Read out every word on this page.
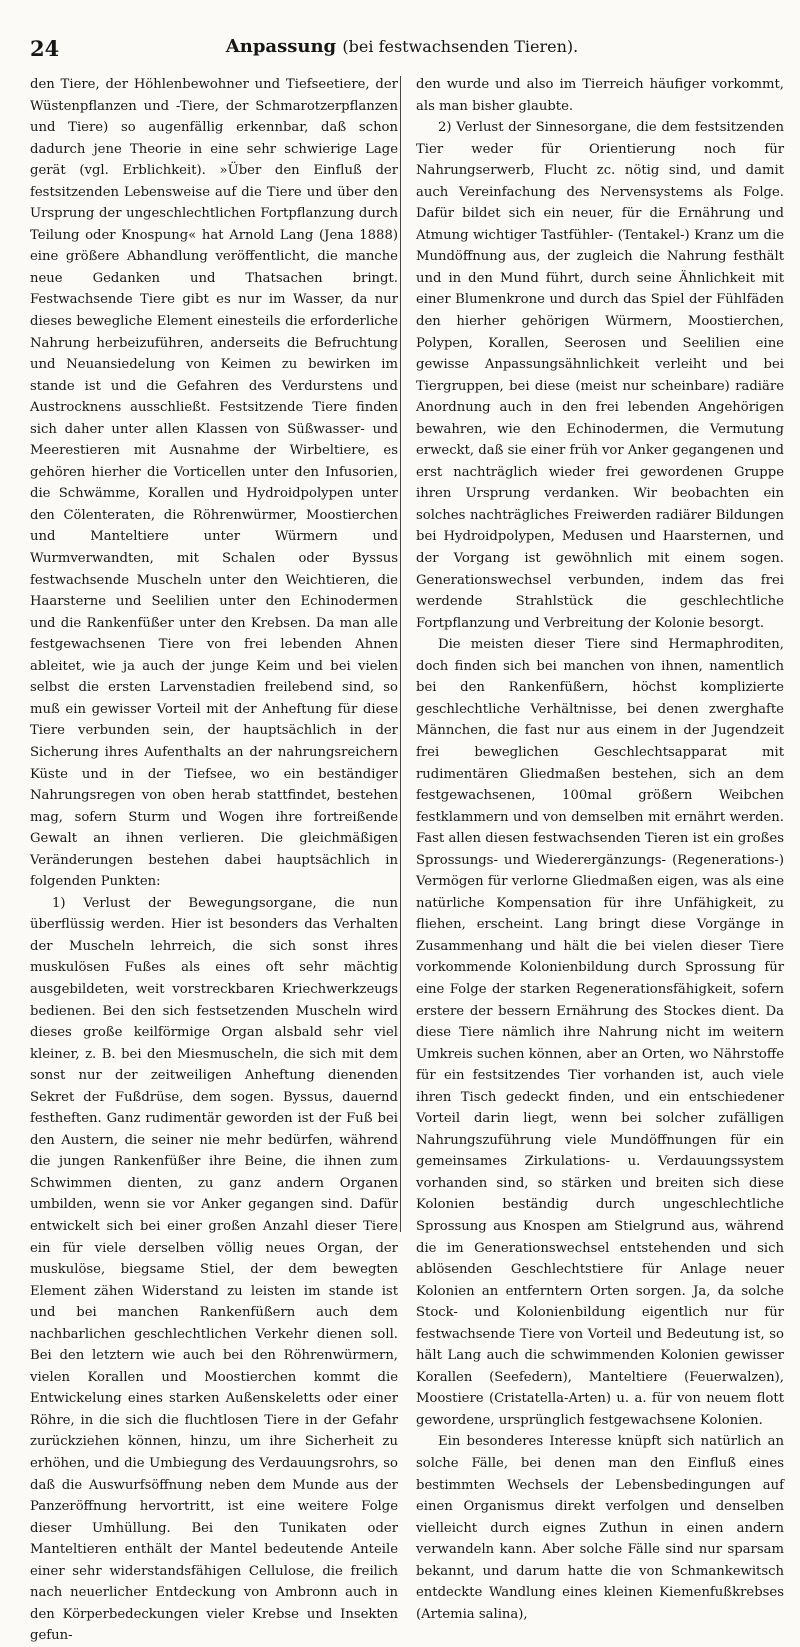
24	Anpassung (bei festwachsenden Tieren).

den Tiere, der Höhlenbewohner und Tiefseetiere, der Wüstenpflanzen und -Tiere, der Schmarotzerpflanzen und Tiere) so augenfällig erkennbar, daß schon dadurch jene Theorie in eine sehr schwierige Lage gerät (vgl. Erblichkeit). »Über den Einfluß der festsitzenden Lebensweise auf die Tiere und über den Ursprung der ungeschlechtlichen Fortpflanzung durch Teilung oder Knospung« hat Arnold Lang (Jena 1888) eine größere Abhandlung veröffentlicht, die manche neue Gedanken und Thatsachen bringt. Festwachsende Tiere gibt es nur im Wasser, da nur dieses bewegliche Element einesteils die erforderliche Nahrung herbeizuführen, anderseits die Befruchtung und Neuansiedelung von Keimen zu bewirken im stande ist und die Gefahren des Verdurstens und Austrocknens ausschließt. Festsitzende Tiere finden sich daher unter allen Klassen von Süßwasser- und Meerestieren mit Ausnahme der Wirbeltiere, es gehören hierher die Vorticellen unter den Infusorien, die Schwämme, Korallen und Hydroidpolypen unter den Cölenteraten, die Röhrenwürmer, Moostierchen und Manteltiere unter Würmern und Wurmverwandten, mit Schalen oder Byssus festwachsende Muscheln unter den Weichtieren, die Haarsterne und Seelilien unter den Echinodermen und die Rankenfüßer unter den Krebsen. Da man alle festgewachsenen Tiere von frei lebenden Ahnen ableitet, wie ja auch der junge Keim und bei vielen selbst die ersten Larvenstadien freilebend sind, so muß ein gewisser Vorteil mit der Anheftung für diese Tiere verbunden sein, der hauptsächlich in der Sicherung ihres Aufenthalts an der nahrungsreichern Küste und in der Tiefsee, wo ein beständiger Nahrungsregen von oben herab stattfindet, bestehen mag, sofern Sturm und Wogen ihre fortreißende Gewalt an ihnen verlieren. Die gleichmäßigen Veränderungen bestehen dabei hauptsächlich in folgenden Punkten:

1) Verlust der Bewegungsorgane, die nun überflüssig werden. Hier ist besonders das Verhalten der Muscheln lehrreich, die sich sonst ihres muskulösen Fußes als eines oft sehr mächtig ausgebildeten, weit vorstreckbaren Kriechwerkzeugs bedienen. Bei den sich festsetzenden Muscheln wird dieses große keilförmige Organ alsbald sehr viel kleiner, z. B. bei den Miesmuscheln, die sich mit dem sonst nur der zeitweiligen Anheftung dienenden Sekret der Fußdrüse, dem sogen. Byssus, dauernd festheften. Ganz rudimentär geworden ist der Fuß bei den Austern, die seiner nie mehr bedürfen, während die jungen Rankenfüßer ihre Beine, die ihnen zum Schwimmen dienten, zu ganz andern Organen umbilden, wenn sie vor Anker gegangen sind. Dafür entwickelt sich bei einer großen Anzahl dieser Tiere ein für viele derselben völlig neues Organ, der muskulöse, biegsame Stiel, der dem bewegten Element zähen Widerstand zu leisten im stande ist und bei manchen Rankenfüßern auch dem nachbarlichen geschlechtlichen Verkehr dienen soll. Bei den letztern wie auch bei den Röhrenwürmern, vielen Korallen und Moostierchen kommt die Entwickelung eines starken Außenskeletts oder einer Röhre, in die sich die fluchtlosen Tiere in der Gefahr zurückziehen können, hinzu, um ihre Sicherheit zu erhöhen, und die Umbiegung des Verdauungsrohrs, so daß die Auswurfsöffnung neben dem Munde aus der Panzeröffnung hervortritt, ist eine weitere Folge dieser Umhüllung. Bei den Tunikaten oder Manteltieren enthält der Mantel bedeutende Anteile einer sehr widerstandsfähigen Cellulose, die freilich nach neuerlicher Entdeckung von Ambronn auch in den Körperbedeckungen vieler Krebse und Insekten gefun-

den wurde und also im Tierreich häufiger vorkommt, als man bisher glaubte.

2) Verlust der Sinnesorgane, die dem festsitzenden Tier weder für Orientierung noch für Nahrungserwerb, Flucht zc. nötig sind, und damit auch Vereinfachung des Nervensystems als Folge. Dafür bildet sich ein neuer, für die Ernährung und Atmung wichtiger Tastfühler- (Tentakel-) Kranz um die Mundöffnung aus, der zugleich die Nahrung festhält und in den Mund führt, durch seine Ähnlichkeit mit einer Blumenkrone und durch das Spiel der Fühlfäden den hierher gehörigen Würmern, Moostierchen, Polypen, Korallen, Seerosen und Seelilien eine gewisse Anpassungsähnlichkeit verleiht und bei Tiergruppen, bei diese (meist nur scheinbare) radiäre Anordnung auch in den frei lebenden Angehörigen bewahren, wie den Echinodermen, die Vermutung erweckt, daß sie einer früh vor Anker gegangenen und erst nachträglich wieder frei gewordenen Gruppe ihren Ursprung verdanken. Wir beobachten ein solches nachträgliches Freiwerden radiärer Bildungen bei Hydroidpolypen, Medusen und Haarsternen, und der Vorgang ist gewöhnlich mit einem sogen. Generationswechsel verbunden, indem das frei werdende Strahlstück die geschlechtliche Fortpflanzung und Verbreitung der Kolonie besorgt.

Die meisten dieser Tiere sind Hermaphroditen, doch finden sich bei manchen von ihnen, namentlich bei den Rankenfüßern, höchst komplizierte geschlechtliche Verhältnisse, bei denen zwerghafte Männchen, die fast nur aus einem in der Jugendzeit frei beweglichen Geschlechtsapparat mit rudimentären Gliedmaßen bestehen, sich an dem festgewachsenen, 100mal größern Weibchen festklammern und von demselben mit ernährt werden. Fast allen diesen festwachsenden Tieren ist ein großes Sprossungs- und Wiederergänzungs- (Regenerations-) Vermögen für verlorne Gliedmaßen eigen, was als eine natürliche Kompensation für ihre Unfähigkeit, zu fliehen, erscheint. Lang bringt diese Vorgänge in Zusammenhang und hält die bei vielen dieser Tiere vorkommende Kolonienbildung durch Sprossung für eine Folge der starken Regenerationsfähigkeit, sofern erstere der bessern Ernährung des Stockes dient. Da diese Tiere nämlich ihre Nahrung nicht im weitern Umkreis suchen können, aber an Orten, wo Nährstoffe für ein festsitzendes Tier vorhanden ist, auch viele ihren Tisch gedeckt finden, und ein entschiedener Vorteil darin liegt, wenn bei solcher zufälligen Nahrungszuführung viele Mundöffnungen für ein gemeinsames Zirkulations- u. Verdauungssystem vorhanden sind, so stärken und breiten sich diese Kolonien beständig durch ungeschlechtliche Sprossung aus Knospen am Stielgrund aus, während die im Generationswechsel entstehenden und sich ablösenden Geschlechtstiere für Anlage neuer Kolonien an entferntern Orten sorgen. Ja, da solche Stock- und Kolonienbildung eigentlich nur für festwachsende Tiere von Vorteil und Bedeutung ist, so hält Lang auch die schwimmenden Kolonien gewisser Korallen (Seefedern), Manteltiere (Feuerwalzen), Moostiere (Cristatella-Arten) u. a. für von neuem flott gewordene, ursprünglich festgewachsene Kolonien.

Ein besonderes Interesse knüpft sich natürlich an solche Fälle, bei denen man den Einfluß eines bestimmten Wechsels der Lebensbedingungen auf einen Organismus direkt verfolgen und denselben vielleicht durch eignes Zuthun in einen andern verwandeln kann. Aber solche Fälle sind nur sparsam bekannt, und darum hatte die von Schmankewitsch entdeckte Wandlung eines kleinen Kiemenfußkrebses (Artemia salina),
